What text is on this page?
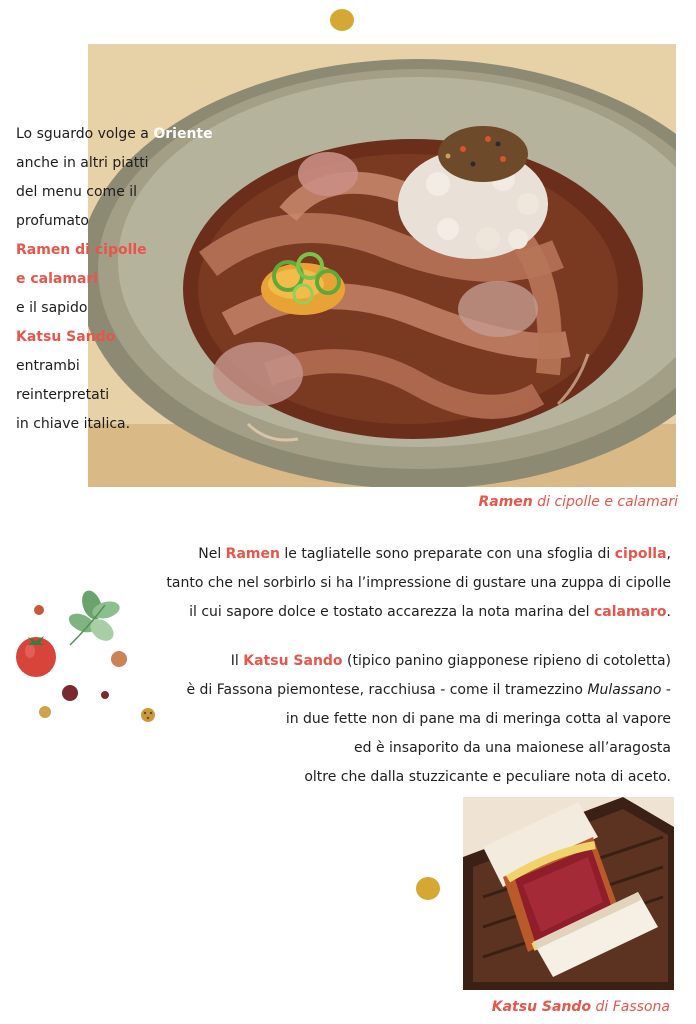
Lo sguardo volge a Oriente
anche in altri piatti
del menu come il
profumato
Ramen di cipolle
e calamari
e il sapido
Katsu Sando
entrambi
reinterpretati
in chiave italica.
Ramen di cipolle e calamari
Nel Ramen le tagliatelle sono preparate con una sfoglia di cipolla,
tanto che nel sorbirlo si ha l’impressione di gustare una zuppa di cipolle
il cui sapore dolce e tostato accarezza la nota marina del calamaro.
Il Katsu Sando (tipico panino giapponese ripieno di cotoletta)
è di Fassona piemontese, racchiusa - come il tramezzino Mulassano -
in due fette non di pane ma di meringa cotta al vapore
ed è insaporito da una maionese all’aragosta
oltre che dalla stuzzicante e peculiare nota di aceto.
Katsu Sando di Fassona
